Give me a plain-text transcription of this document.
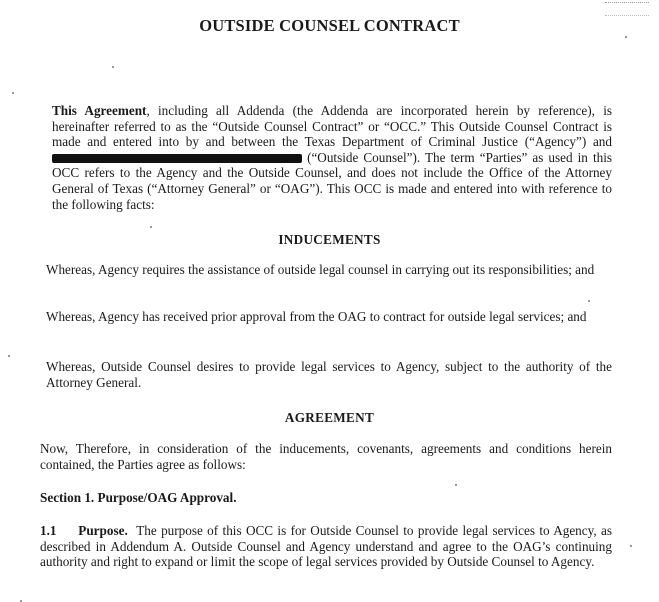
OUTSIDE COUNSEL CONTRACT

This Agreement, including all Addenda (the Addenda are incorporated herein by reference), is hereinafter referred to as the “Outside Counsel Contract” or “OCC.” This Outside Counsel Contract is made and entered into by and between the Texas Department of Criminal Justice (“Agency”) and  (“Outside Counsel”). The term “Parties” as used in this OCC refers to the Agency and the Outside Counsel, and does not include the Office of the Attorney General of Texas (“Attorney General” or “OAG”). This OCC is made and entered into with reference to the following facts:

INDUCEMENTS

Whereas, Agency requires the assistance of outside legal counsel in carrying out its responsibilities; and

Whereas, Agency has received prior approval from the OAG to contract for outside legal services; and

Whereas, Outside Counsel desires to provide legal services to Agency, subject to the authority of the Attorney General.

AGREEMENT

Now, Therefore, in consideration of the inducements, covenants, agreements and conditions herein contained, the Parties agree as follows:

Section 1. Purpose/OAG Approval.

1.1 Purpose. The purpose of this OCC is for Outside Counsel to provide legal services to Agency, as described in Addendum A. Outside Counsel and Agency understand and agree to the OAG’s continuing authority and right to expand or limit the scope of legal services provided by Outside Counsel to Agency.
